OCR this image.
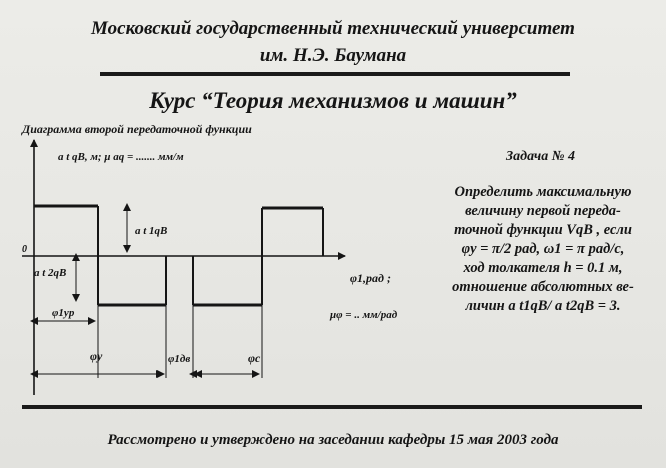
Московский государственный технический университет
им. Н.Э. Баумана
Курс “Теория механизмов и машин”
Диаграмма второй передаточной функции
a t qB, м; μ aq = ....... мм/м
0
a t 1qB
a t 2qB	φ1,рад ;
φ1yp
φy	φ1дв	φc
μφ = .. мм/рад
Задача № 4
Определить максимальную
величину первой переда-
точной функции VqB , если
φy = π/2 рад, ω1 = π рад/с,
ход толкателя h = 0.1 м,
отношение абсолютных ве-
личин a t1qB/ a t2qB = 3.
Рассмотрено и утверждено на заседании кафедры 15 мая 2003 года
